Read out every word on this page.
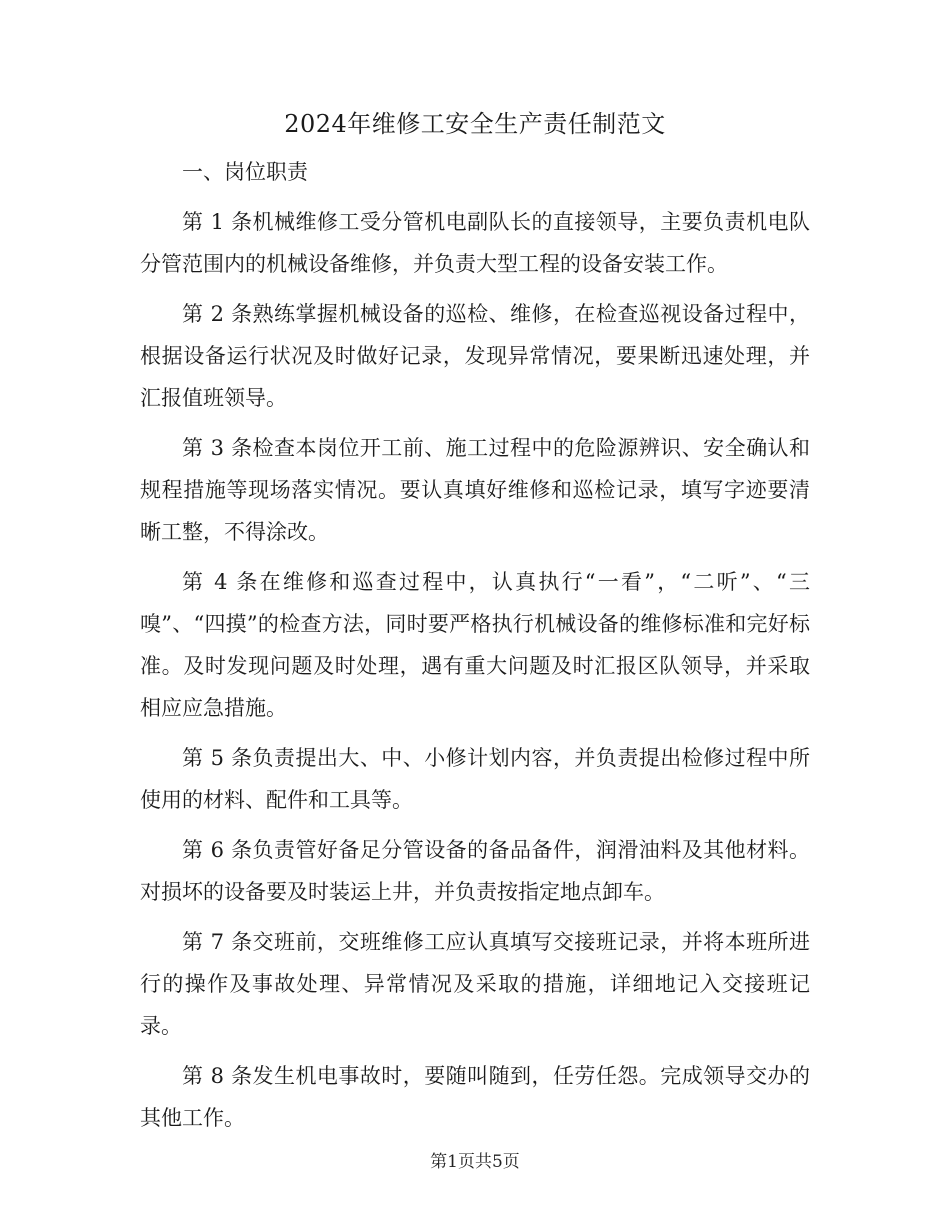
2024年维修工安全生产责任制范文

一、岗位职责

第 1 条机械维修工受分管机电副队长的直接领导，主要负责机电队分管范围内的机械设备维修，并负责大型工程的设备安装工作。

第 2 条熟练掌握机械设备的巡检、维修，在检查巡视设备过程中，根据设备运行状况及时做好记录，发现异常情况，要果断迅速处理，并汇报值班领导。

第 3 条检查本岗位开工前、施工过程中的危险源辨识、安全确认和规程措施等现场落实情况。要认真填好维修和巡检记录，填写字迹要清晰工整，不得涂改。

第 4 条在维修和巡查过程中，认真执行“一看”，“二听”、“三嗅”、“四摸”的检查方法，同时要严格执行机械设备的维修标准和完好标准。及时发现问题及时处理，遇有重大问题及时汇报区队领导，并采取相应应急措施。

第 5 条负责提出大、中、小修计划内容，并负责提出检修过程中所使用的材料、配件和工具等。

第 6 条负责管好备足分管设备的备品备件，润滑油料及其他材料。对损坏的设备要及时装运上井，并负责按指定地点卸车。

第 7 条交班前，交班维修工应认真填写交接班记录，并将本班所进行的操作及事故处理、异常情况及采取的措施，详细地记入交接班记录。

第 8 条发生机电事故时，要随叫随到，任劳任怨。完成领导交办的其他工作。

第1页共5页
